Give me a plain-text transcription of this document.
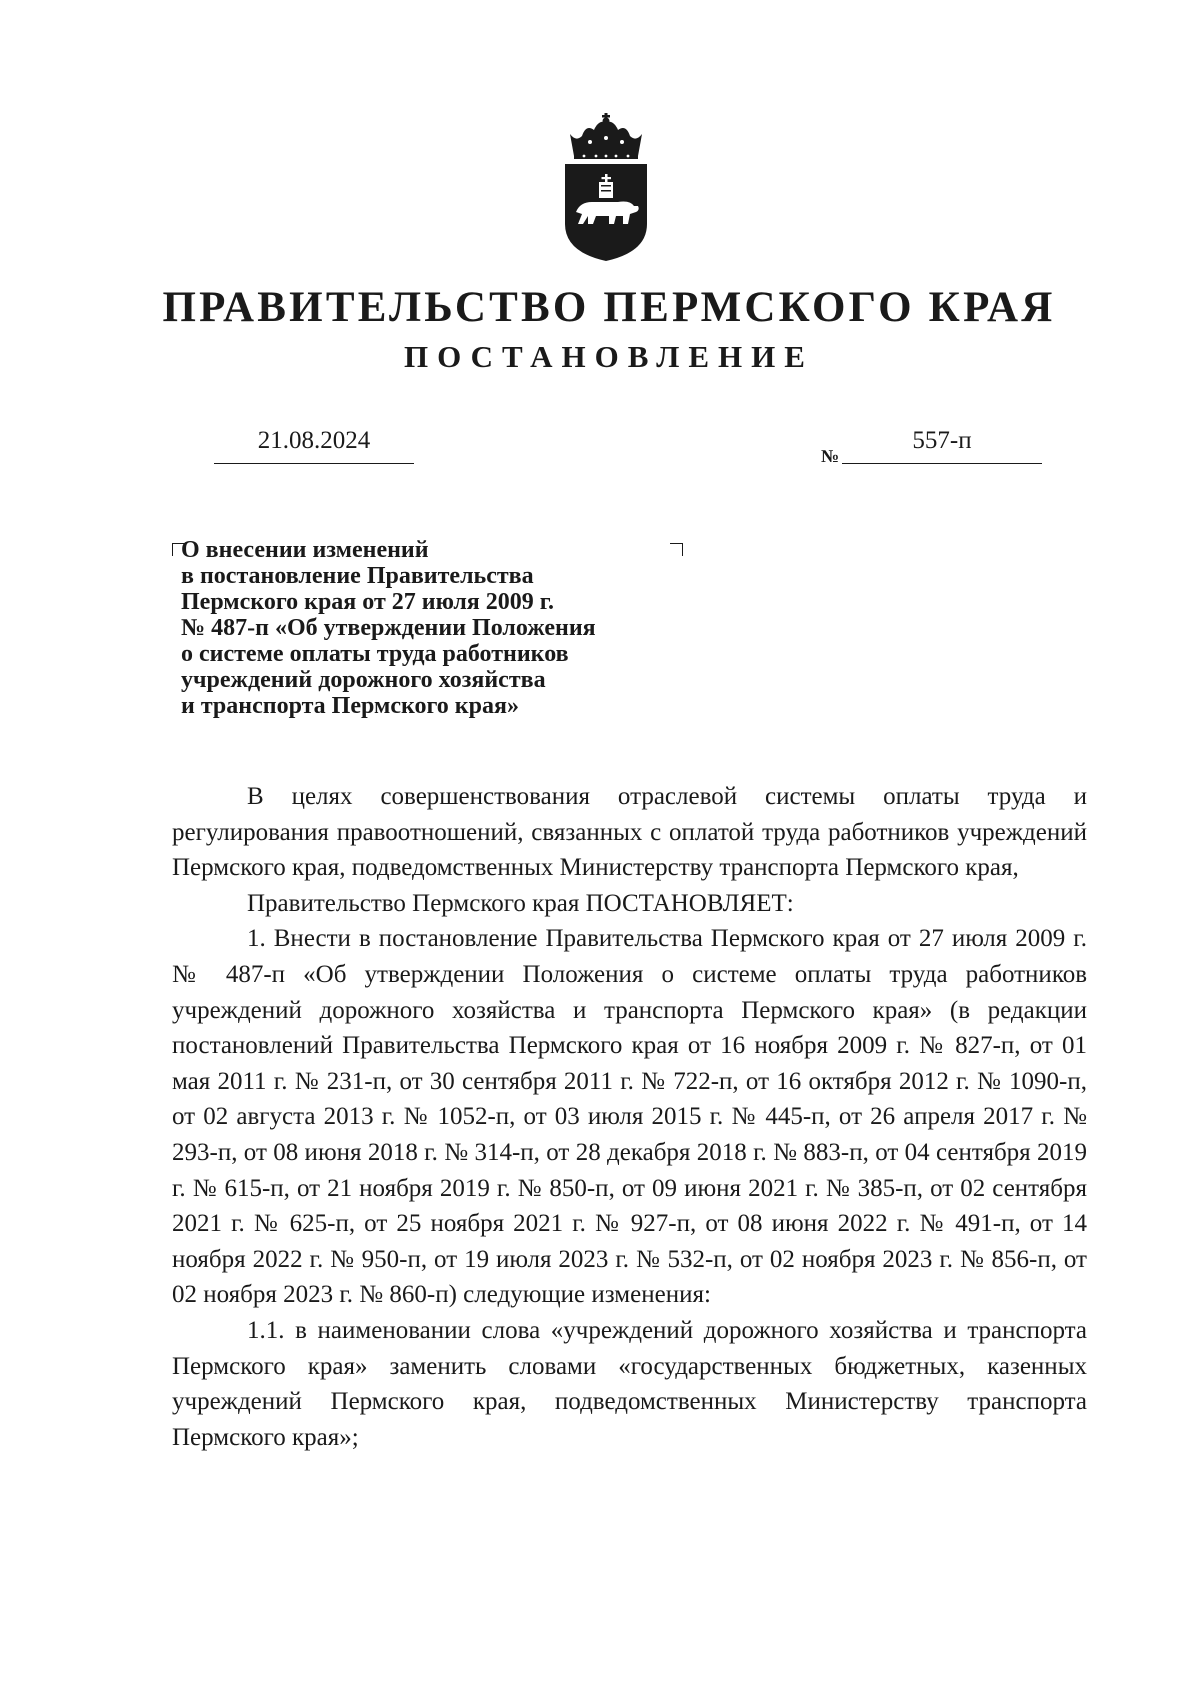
ПРАВИТЕЛЬСТВО ПЕРМСКОГО КРАЯ
ПОСТАНОВЛЕНИЕ
21.08.2024
№
557-п
О внесении изменений
в постановление Правительства
Пермского края от 27 июля 2009 г.
№ 487-п «Об утверждении Положения
о системе оплаты труда работников
учреждений дорожного хозяйства
и транспорта Пермского края»

В целях совершенствования отраслевой системы оплаты труда и регулирования правоотношений, связанных с оплатой труда работников учреждений Пермского края, подведомственных Министерству транспорта Пермского края,

Правительство Пермского края ПОСТАНОВЛЯЕТ:

1. Внести в постановление Правительства Пермского края от 27 июля 2009 г. № 487-п «Об утверждении Положения о системе оплаты труда работников учреждений дорожного хозяйства и транспорта Пермского края» (в редакции постановлений Правительства Пермского края от 16 ноября 2009 г. № 827-п, от 01 мая 2011 г. № 231-п, от 30 сентября 2011 г. № 722-п, от 16 октября 2012 г. № 1090-п, от 02 августа 2013 г. № 1052-п, от 03 июля 2015 г. № 445-п, от 26 апреля 2017 г. № 293-п, от 08 июня 2018 г. № 314-п, от 28 декабря 2018 г. № 883-п, от 04 сентября 2019 г. № 615-п, от 21 ноября 2019 г. № 850-п, от 09 июня 2021 г. № 385-п, от 02 сентября 2021 г. № 625-п, от 25 ноября 2021 г. № 927-п, от 08 июня 2022 г. № 491-п, от 14 ноября 2022 г. № 950-п, от 19 июля 2023 г. № 532-п, от 02 ноября 2023 г. № 856-п, от 02 ноября 2023 г. № 860-п) следующие изменения:

1.1. в наименовании слова «учреждений дорожного хозяйства и транспорта Пермского края» заменить словами «государственных бюджетных, казенных учреждений Пермского края, подведомственных Министерству транспорта Пермского края»;
